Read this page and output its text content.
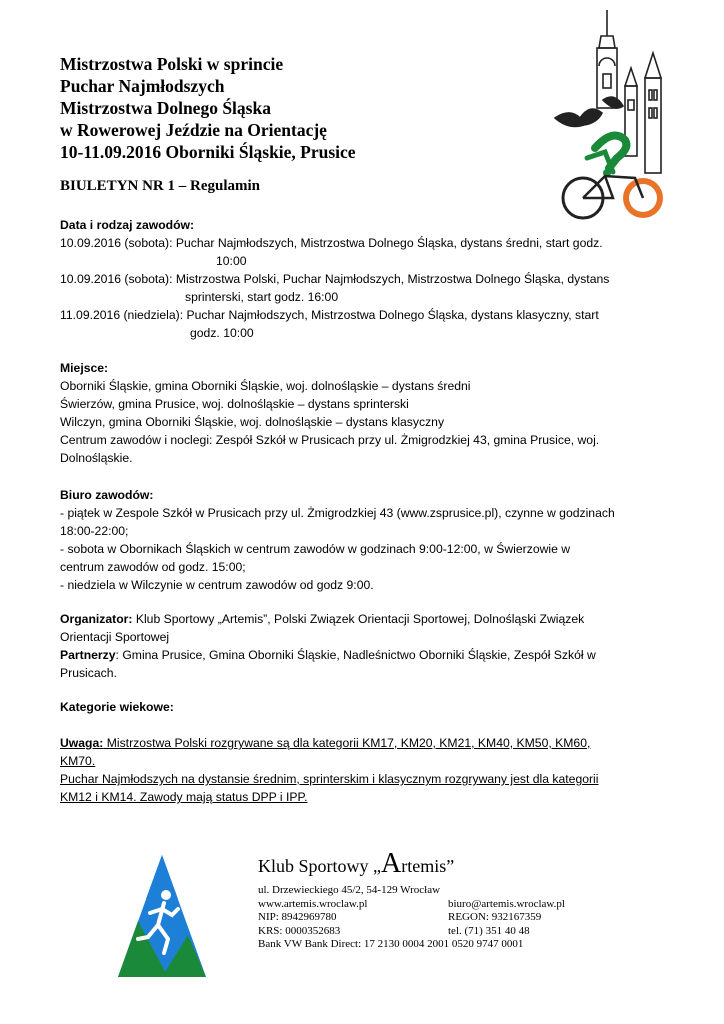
Mistrzostwa Polski w sprincie
Puchar Najmłodszych
Mistrzostwa Dolnego Śląska
w Rowerowej Jeździe na Orientację
10-11.09.2016 Oborniki Śląskie, Prusice
BIULETYN NR 1 – Regulamin
Data i rodzaj zawodów:
10.09.2016 (sobota): Puchar Najmłodszych, Mistrzostwa Dolnego Śląska, dystans średni, start godz.
10:00
10.09.2016 (sobota): Mistrzostwa Polski, Puchar Najmłodszych, Mistrzostwa Dolnego Śląska, dystans
sprinterski, start godz. 16:00
11.09.2016 (niedziela): Puchar Najmłodszych, Mistrzostwa Dolnego Śląska, dystans klasyczny, start
godz. 10:00
Miejsce:
Oborniki Śląskie, gmina Oborniki Śląskie, woj. dolnośląskie – dystans średni
Świerzów, gmina Prusice, woj. dolnośląskie – dystans sprinterski
Wilczyn, gmina Oborniki Śląskie, woj. dolnośląskie – dystans klasyczny
Centrum zawodów i noclegi: Zespół Szkół w Prusicach przy ul. Żmigrodzkiej 43, gmina Prusice, woj.
Dolnośląskie.
Biuro zawodów:
- piątek w Zespole Szkół w Prusicach przy ul. Żmigrodzkiej 43 (www.zsprusice.pl), czynne w godzinach
18:00-22:00;
- sobota w Obornikach Śląskich w centrum zawodów w godzinach 9:00-12:00, w Świerzowie w
centrum zawodów od godz. 15:00;
- niedziela w Wilczynie w centrum zawodów od godz 9:00.
Organizator: Klub Sportowy „Artemis”, Polski Związek Orientacji Sportowej, Dolnośląski Związek
Orientacji Sportowej
Partnerzy: Gmina Prusice, Gmina Oborniki Śląskie, Nadleśnictwo Oborniki Śląskie, Zespół Szkół w
Prusicach.
Kategorie wiekowe:
Uwaga: Mistrzostwa Polski rozgrywane są dla kategorii KM17, KM20, KM21, KM40, KM50, KM60,
KM70.
Puchar Najmłodszych na dystansie średnim, sprinterskim i klasycznym rozgrywany jest dla kategorii
KM12 i KM14. Zawody mają status DPP i IPP.
Klub Sportowy „Artemis”
ul. Drzewieckiego 45/2, 54-129 Wrocław
www.artemis.wroclaw.pl	biuro@artemis.wroclaw.pl
NIP: 8942969780	REGON: 932167359
KRS: 0000352683	tel. (71) 351 40 48
Bank VW Bank Direct: 17 2130 0004 2001 0520 9747 0001
